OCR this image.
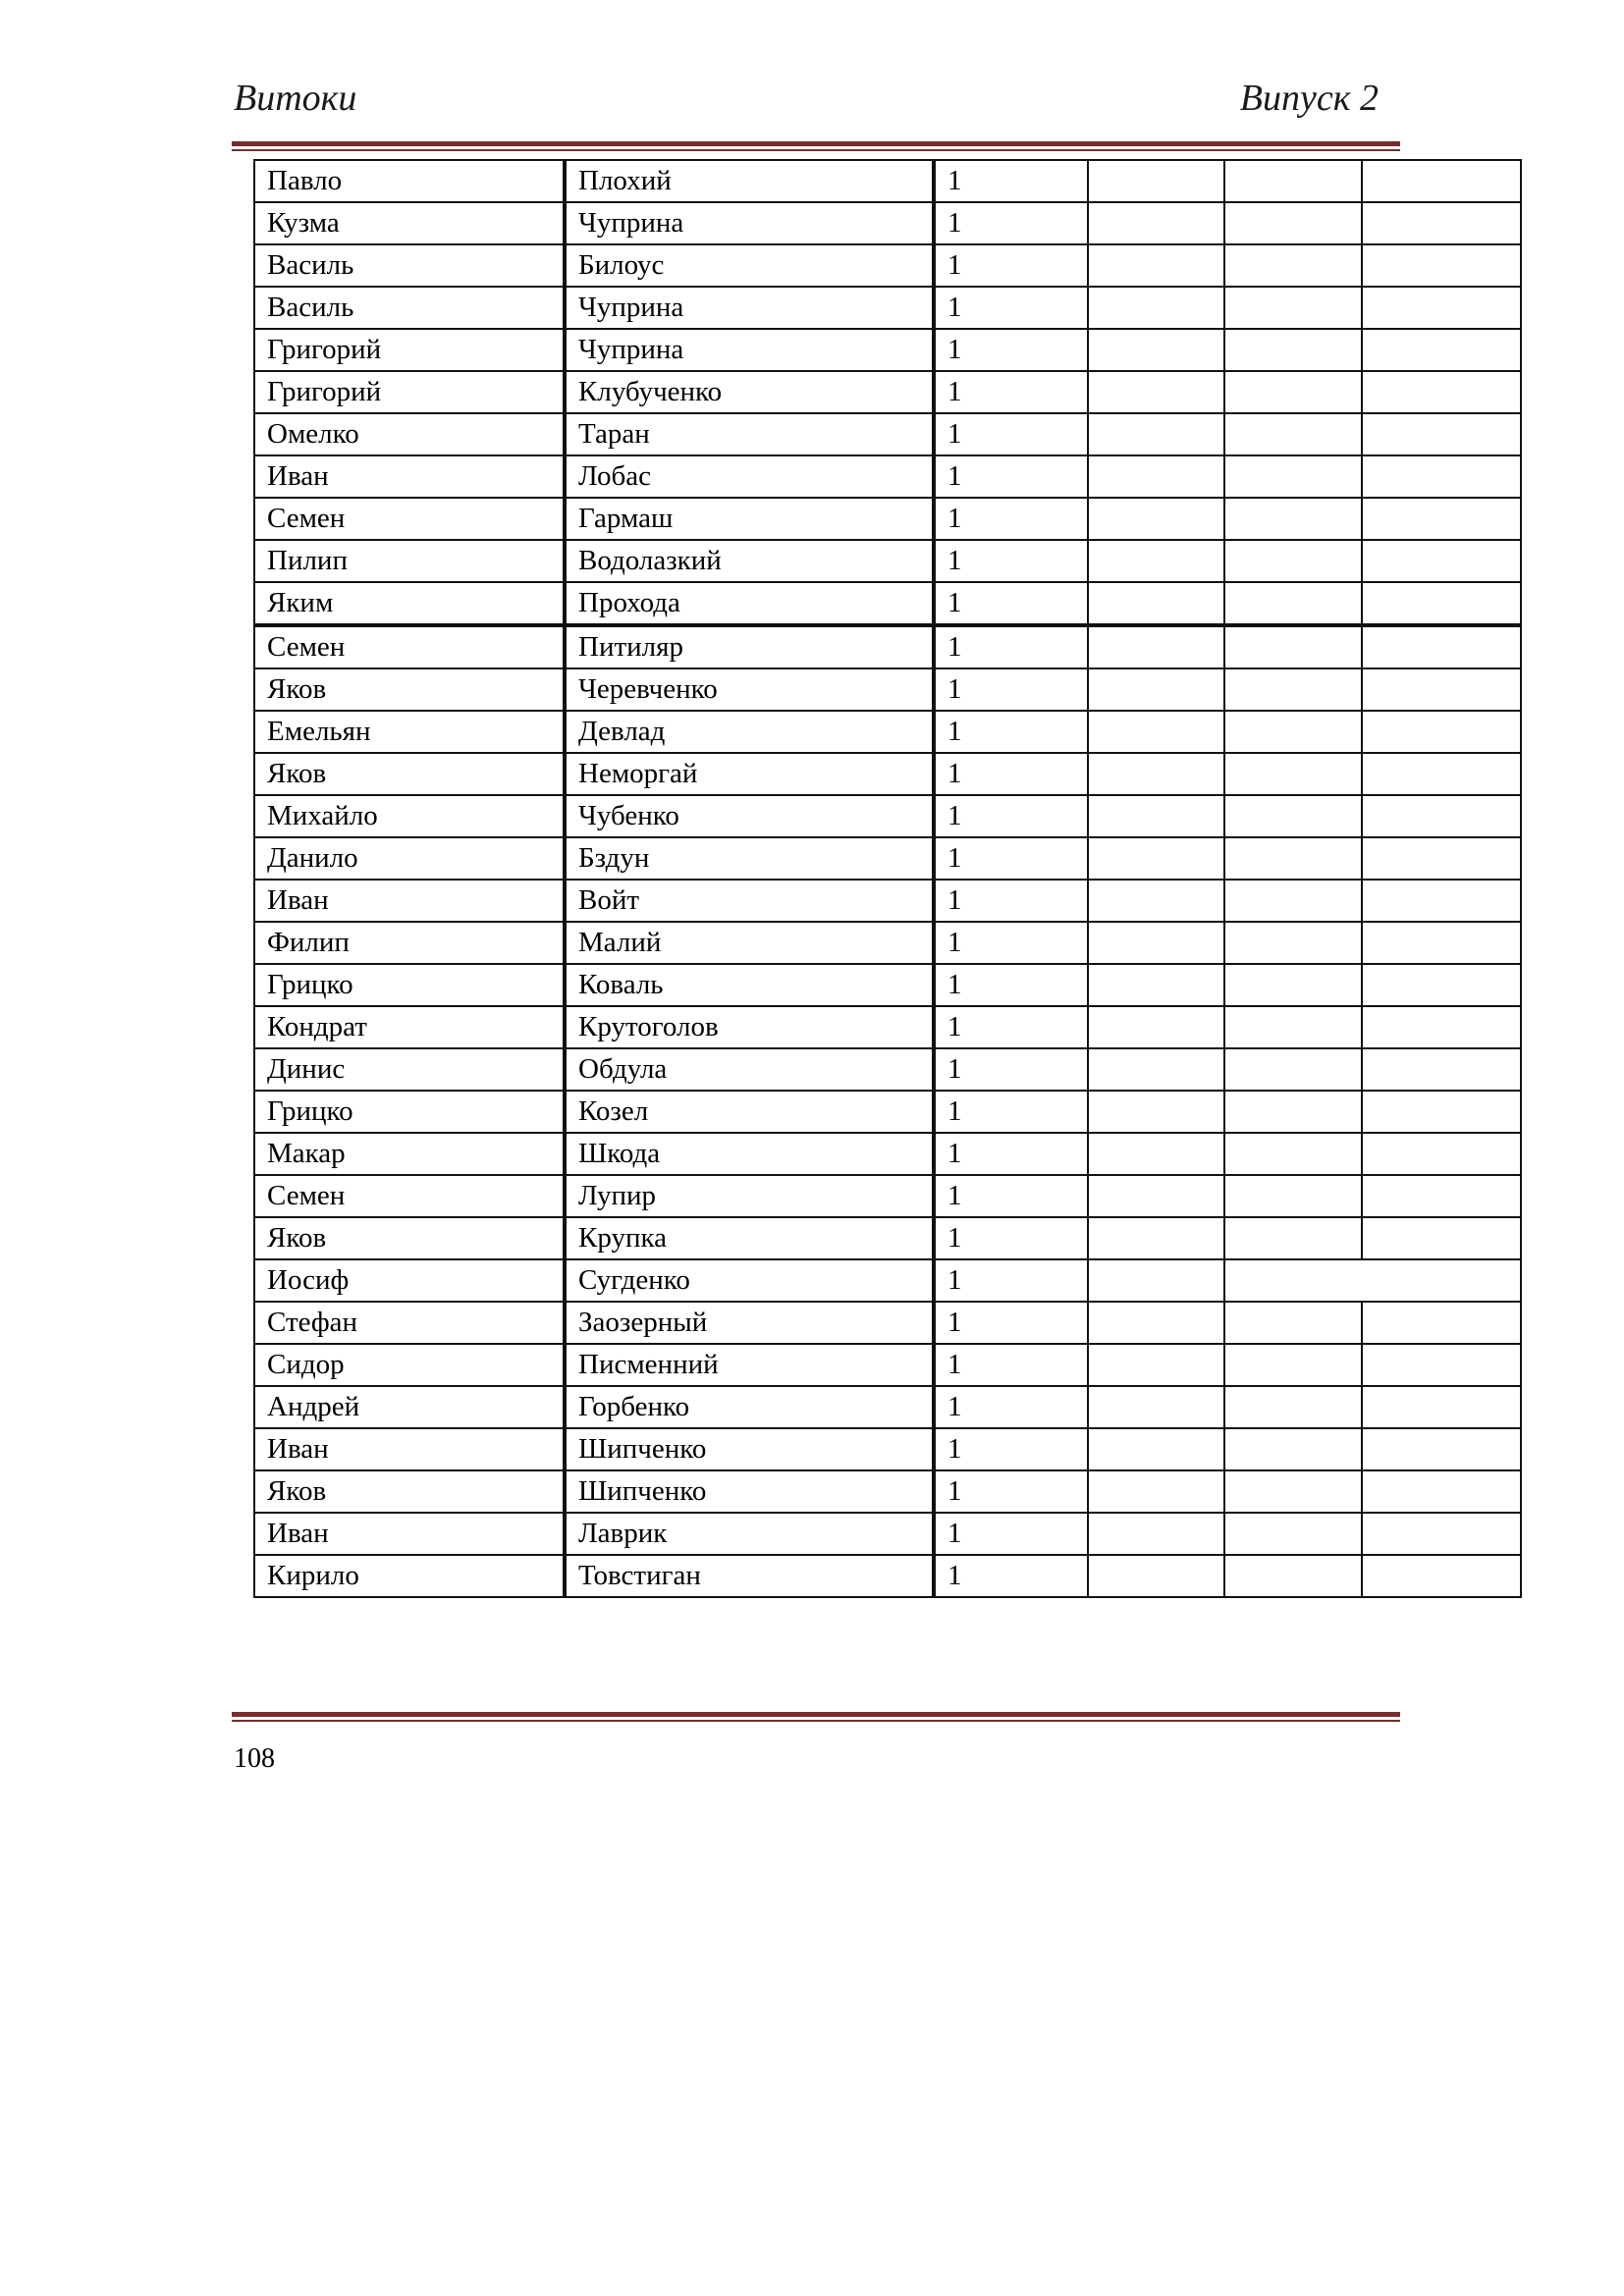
Витоки	Випуск 2
Павло	Плохий	1			
Кузма	Чуприна	1			
Василь	Билоус	1			
Василь	Чуприна	1			
Григорий	Чуприна	1			
Григорий	Клубученко	1			
Омелко	Таран	1			
Иван	Лобас	1			
Семен	Гармаш	1			
Пилип	Водолазкий	1			
Яким	Прохода	1			
Семен	Питиляр	1			
Яков	Черевченко	1			
Емельян	Девлад	1			
Яков	Неморгай	1			
Михайло	Чубенко	1			
Данило	Бздун	1			
Иван	Войт	1			
Филип	Малий	1			
Грицко	Коваль	1			
Кондрат	Крутоголов	1			
Динис	Обдула	1			
Грицко	Козел	1			
Макар	Шкода	1			
Семен	Лупир	1			
Яков	Крупка	1			
Иосиф	Сугденко	1			
Стефан	Заозерный	1			
Сидор	Писменний	1			
Андрей	Горбенко	1			
Иван	Шипченко	1			
Яков	Шипченко	1			
Иван	Лаврик	1			
Кирило	Товстиган	1			
108
